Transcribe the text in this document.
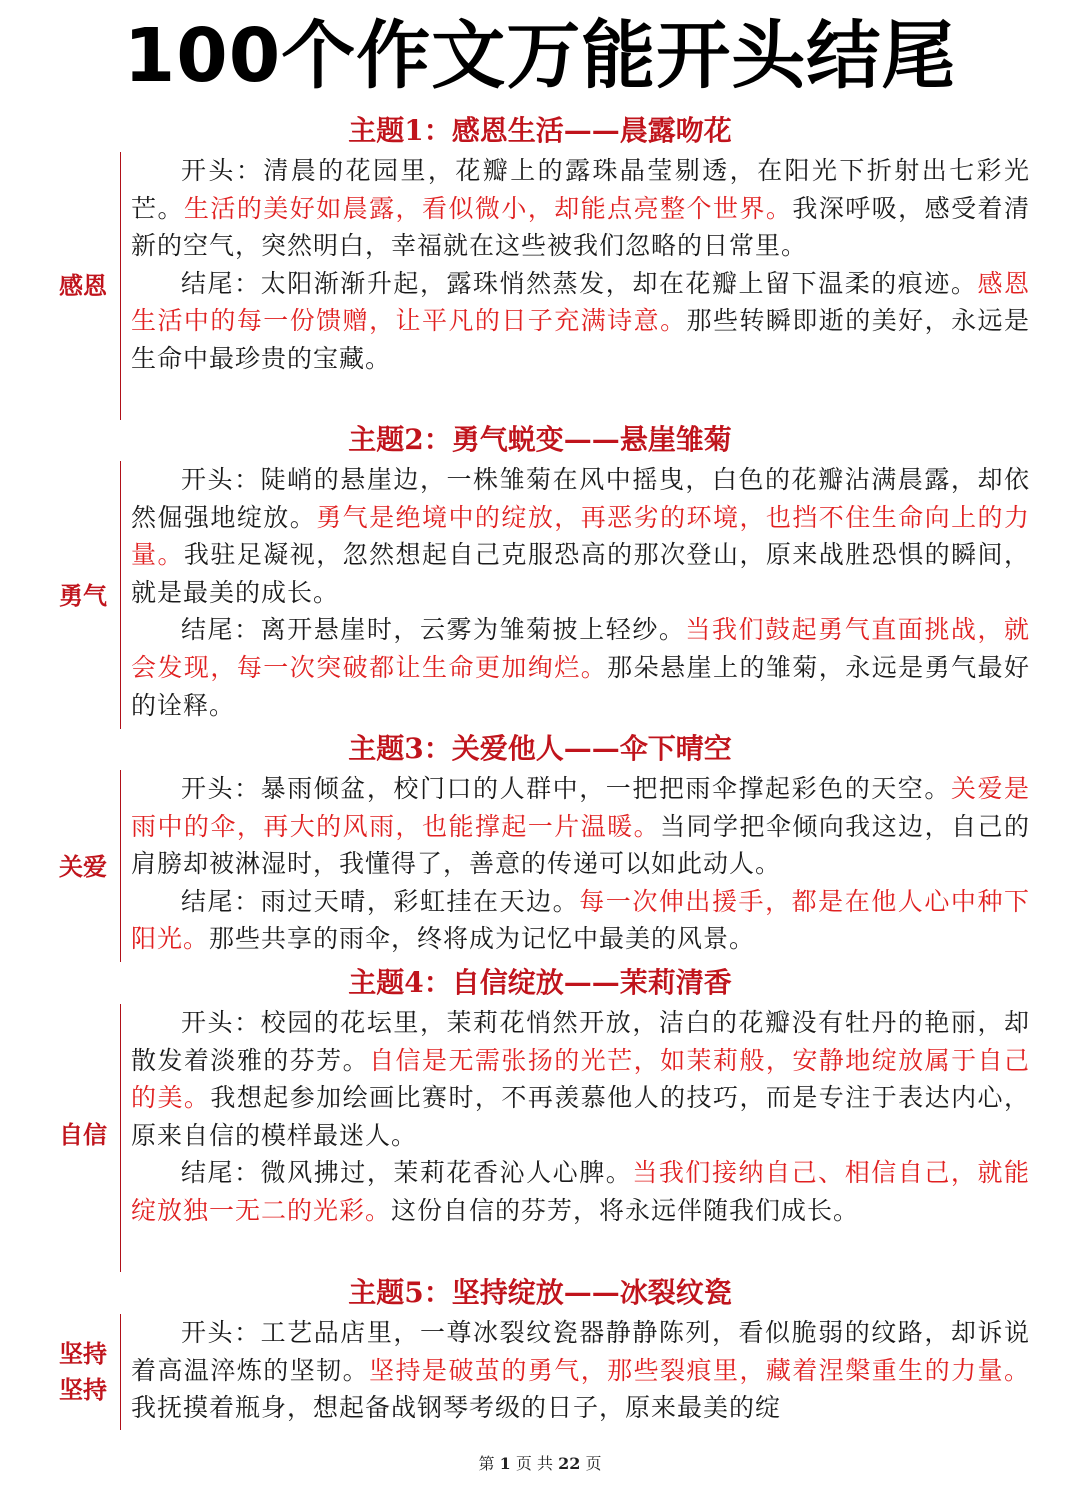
100个作文万能开头结尾
主题1：感恩生活——晨露吻花
感恩

开头：清晨的花园里，花瓣上的露珠晶莹剔透，在阳光下折射出七彩光芒。生活的美好如晨露，看似微小，却能点亮整个世界。我深呼吸，感受着清新的空气，突然明白，幸福就在这些被我们忽略的日常里。

结尾：太阳渐渐升起，露珠悄然蒸发，却在花瓣上留下温柔的痕迹。感恩生活中的每一份馈赠，让平凡的日子充满诗意。那些转瞬即逝的美好，永远是生命中最珍贵的宝藏。

主题2：勇气蜕变——悬崖雏菊
勇气

开头：陡峭的悬崖边，一株雏菊在风中摇曳，白色的花瓣沾满晨露，却依然倔强地绽放。勇气是绝境中的绽放，再恶劣的环境，也挡不住生命向上的力量。我驻足凝视，忽然想起自己克服恐高的那次登山，原来战胜恐惧的瞬间，就是最美的成长。

结尾：离开悬崖时，云雾为雏菊披上轻纱。当我们鼓起勇气直面挑战，就会发现，每一次突破都让生命更加绚烂。那朵悬崖上的雏菊，永远是勇气最好的诠释。

主题3：关爱他人——伞下晴空
关爱

开头：暴雨倾盆，校门口的人群中，一把把雨伞撑起彩色的天空。关爱是雨中的伞，再大的风雨，也能撑起一片温暖。当同学把伞倾向我这边，自己的肩膀却被淋湿时，我懂得了，善意的传递可以如此动人。

结尾：雨过天晴，彩虹挂在天边。每一次伸出援手，都是在他人心中种下阳光。那些共享的雨伞，终将成为记忆中最美的风景。

主题4：自信绽放——茉莉清香
自信

开头：校园的花坛里，茉莉花悄然开放，洁白的花瓣没有牡丹的艳丽，却散发着淡雅的芬芳。自信是无需张扬的光芒，如茉莉般，安静地绽放属于自己的美。我想起参加绘画比赛时，不再羡慕他人的技巧，而是专注于表达内心，原来自信的模样最迷人。

结尾：微风拂过，茉莉花香沁人心脾。当我们接纳自己、相信自己，就能绽放独一无二的光彩。这份自信的芬芳，将永远伴随我们成长。

主题5：坚持绽放——冰裂纹瓷
坚持坚持

开头：工艺品店里，一尊冰裂纹瓷器静静陈列，看似脆弱的纹路，却诉说着高温淬炼的坚韧。坚持是破茧的勇气，那些裂痕里，藏着涅槃重生的力量。我抚摸着瓶身，想起备战钢琴考级的日子，原来最美的绽

第 1 页 共 22 页
